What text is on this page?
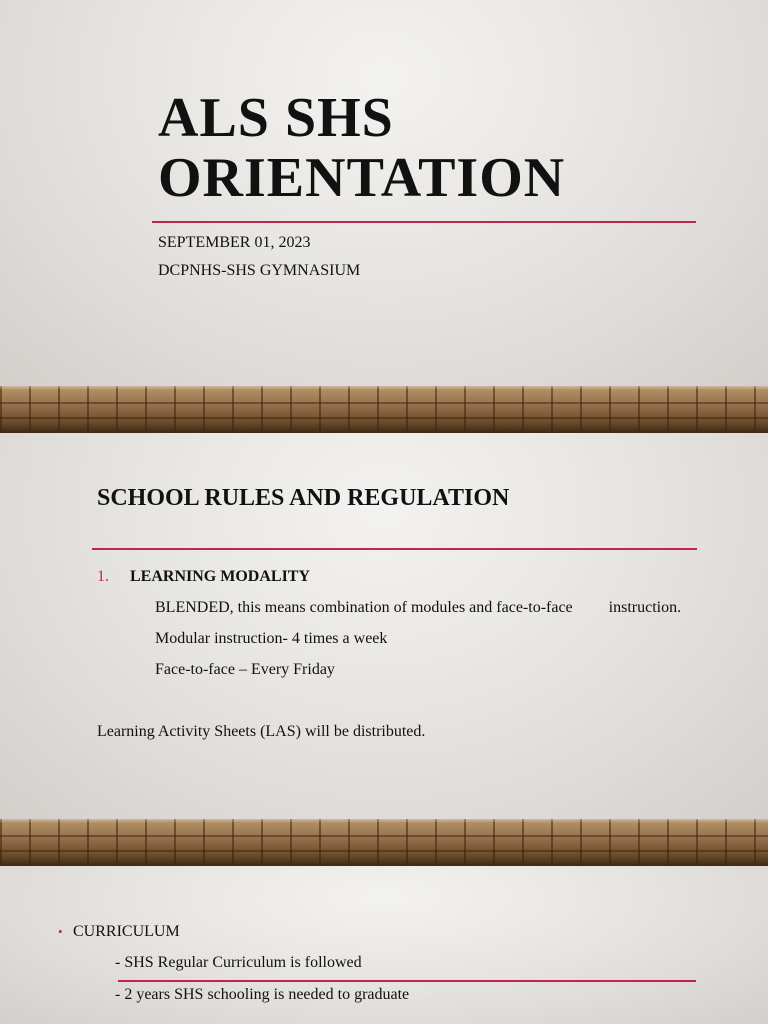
ALS SHS
ORIENTATION
SEPTEMBER 01, 2023
DCPNHS-SHS GYMNASIUM
SCHOOL RULES AND REGULATION
1. LEARNING MODALITY
BLENDED, this means combination of modules and face-to-face instruction.
Modular instruction- 4 times a week
Face-to-face – Every Friday
Learning Activity Sheets (LAS) will be distributed.
• CURRICULUM
- SHS Regular Curriculum is followed
- 2 years SHS schooling is needed to graduate
